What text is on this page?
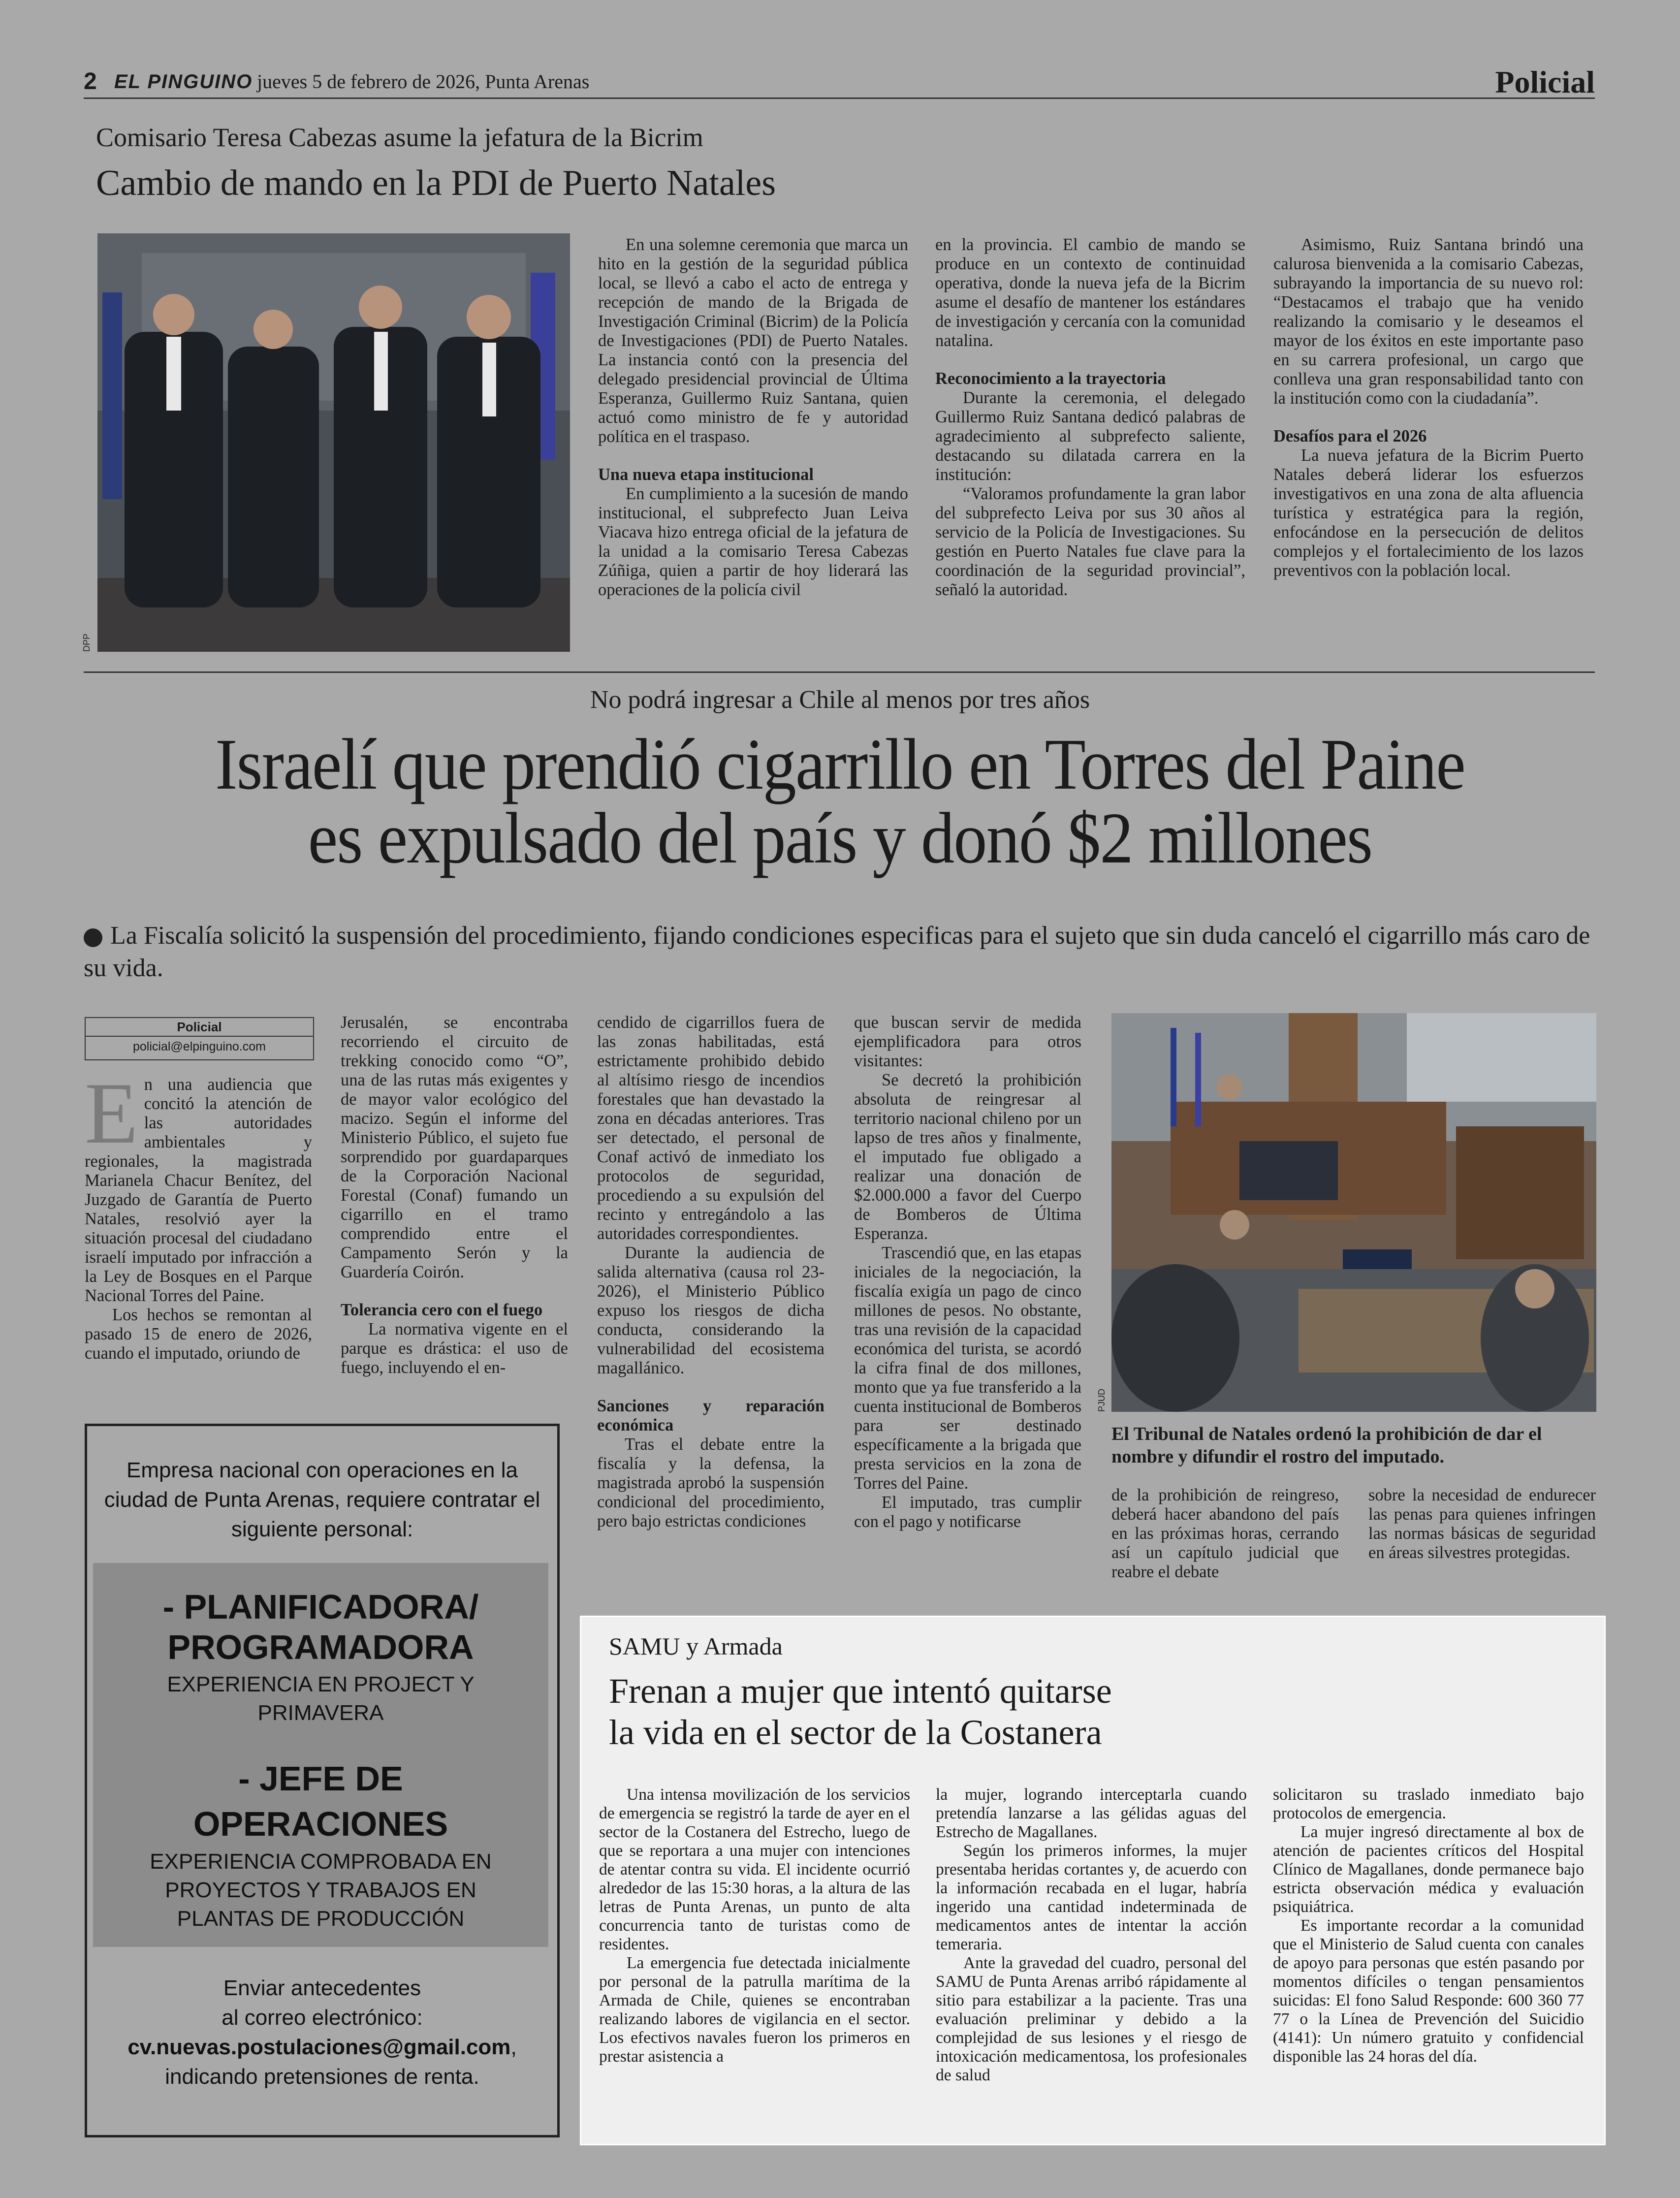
2 EL PINGUINO jueves 5 de febrero de 2026, Punta Arenas	Policial
Comisario Teresa Cabezas asume la jefatura de la Bicrim
Cambio de mando en la PDI de Puerto Natales
DPP

En una solemne ceremonia que marca un hito en la gestión de la seguridad pública local, se llevó a cabo el acto de entrega y recepción de mando de la Brigada de Investigación Criminal (Bicrim) de la Policía de Investigaciones (PDI) de Puerto Natales. La instancia contó con la presencia del delegado presidencial provincial de Última Esperanza, Guillermo Ruiz Santana, quien actuó como ministro de fe y autoridad política en el traspaso.

Una nueva etapa institucional

En cumplimiento a la sucesión de mando institucional, el subprefecto Juan Leiva Viacava hizo entrega oficial de la jefatura de la unidad a la comisario Teresa Cabezas Zúñiga, quien a partir de hoy liderará las operaciones de la policía civil

en la provincia. El cambio de mando se produce en un contexto de continuidad operativa, donde la nueva jefa de la Bicrim asume el desafío de mantener los estándares de investigación y cercanía con la comunidad natalina.

Reconocimiento a la trayectoria

Durante la ceremonia, el delegado Guillermo Ruiz Santana dedicó palabras de agradecimiento al subprefecto saliente, destacando su dilatada carrera en la institución:

“Valoramos profundamente la gran labor del subprefecto Leiva por sus 30 años al servicio de la Policía de Investigaciones. Su gestión en Puerto Natales fue clave para la coordinación de la seguridad provincial”, señaló la autoridad.

Asimismo, Ruiz Santana brindó una calurosa bienvenida a la comisario Cabezas, subrayando la importancia de su nuevo rol: “Destacamos el trabajo que ha venido realizando la comisario y le deseamos el mayor de los éxitos en este importante paso en su carrera profesional, un cargo que conlleva una gran responsabilidad tanto con la institución como con la ciudadanía”.

Desafíos para el 2026

La nueva jefatura de la Bicrim Puerto Natales deberá liderar los esfuerzos investigativos en una zona de alta afluencia turística y estratégica para la región, enfocándose en la persecución de delitos complejos y el fortalecimiento de los lazos preventivos con la población local.

No podrá ingresar a Chile al menos por tres años
Israelí que prendió cigarrillo en Torres del Paine
es expulsado del país y donó $2 millones
La Fiscalía solicitó la suspensión del procedimiento, fijando condiciones especificas para el sujeto que sin duda canceló el cigarrillo más caro de su vida.
Policial
policial@elpinguino.com
E n una audiencia que concitó la atención de las autoridades ambientales y regionales, la magistrada Marianela Chacur Benítez, del Juzgado de Garantía de Puerto Natales, resolvió ayer la situación procesal del ciudadano israelí imputado por infracción a la Ley de Bosques en el Parque Nacional Torres del Paine.

Los hechos se remontan al pasado 15 de enero de 2026, cuando el imputado, oriundo de

Jerusalén, se encontraba recorriendo el circuito de trekking conocido como “O”, una de las rutas más exigentes y de mayor valor ecológico del macizo. Según el informe del Ministerio Público, el sujeto fue sorprendido por guardaparques de la Corporación Nacional Forestal (Conaf) fumando un cigarrillo en el tramo comprendido entre el Campamento Serón y la Guardería Coirón.

Tolerancia cero con el fuego

La normativa vigente en el parque es drástica: el uso de fuego, incluyendo el en-

cendido de cigarrillos fuera de las zonas habilitadas, está estrictamente prohibido debido al altísimo riesgo de incendios forestales que han devastado la zona en décadas anteriores. Tras ser detectado, el personal de Conaf activó de inmediato los protocolos de seguridad, procediendo a su expulsión del recinto y entregándolo a las autoridades correspondientes.

Durante la audiencia de salida alternativa (causa rol 23-2026), el Ministerio Público expuso los riesgos de dicha conducta, considerando la vulnerabilidad del ecosistema magallánico.

Sanciones y reparación económica

Tras el debate entre la fiscalía y la defensa, la magistrada aprobó la suspensión condicional del procedimiento, pero bajo estrictas condiciones

que buscan servir de medida ejemplificadora para otros visitantes:

Se decretó la prohibición absoluta de reingresar al territorio nacional chileno por un lapso de tres años y finalmente, el imputado fue obligado a realizar una donación de $2.000.000 a favor del Cuerpo de Bomberos de Última Esperanza.

Trascendió que, en las etapas iniciales de la negociación, la fiscalía exigía un pago de cinco millones de pesos. No obstante, tras una revisión de la capacidad económica del turista, se acordó la cifra final de dos millones, monto que ya fue transferido a la cuenta institucional de Bomberos para ser destinado específicamente a la brigada que presta servicios en la zona de Torres del Paine.

El imputado, tras cumplir con el pago y notificarse

PJUD
El Tribunal de Natales ordenó la prohibición de dar el nombre y difundir el rostro del imputado.

de la prohibición de reingreso, deberá hacer abandono del país en las próximas horas, cerrando así un capítulo judicial que reabre el debate

sobre la necesidad de endurecer las penas para quienes infringen las normas básicas de seguridad en áreas silvestres protegidas.

Empresa nacional con operaciones en la ciudad de Punta Arenas, requiere contratar el siguiente personal:
- PLANIFICADORA/
PROGRAMADORA
EXPERIENCIA EN PROJECT Y PRIMAVERA
- JEFE DE
OPERACIONES
EXPERIENCIA COMPROBADA EN PROYECTOS Y TRABAJOS EN PLANTAS DE PRODUCCIÓN
Enviar antecedentes
al correo electrónico:
cv.nuevas.postulaciones@gmail.com,
indicando pretensiones de renta.
SAMU y Armada
Frenan a mujer que intentó quitarse
la vida en el sector de la Costanera

Una intensa movilización de los servicios de emergencia se registró la tarde de ayer en el sector de la Costanera del Estrecho, luego de que se reportara a una mujer con intenciones de atentar contra su vida. El incidente ocurrió alrededor de las 15:30 horas, a la altura de las letras de Punta Arenas, un punto de alta concurrencia tanto de turistas como de residentes.

La emergencia fue detectada inicialmente por personal de la patrulla marítima de la Armada de Chile, quienes se encontraban realizando labores de vigilancia en el sector. Los efectivos navales fueron los primeros en prestar asistencia a

la mujer, logrando interceptarla cuando pretendía lanzarse a las gélidas aguas del Estrecho de Magallanes.

Según los primeros informes, la mujer presentaba heridas cortantes y, de acuerdo con la información recabada en el lugar, habría ingerido una cantidad indeterminada de medicamentos antes de intentar la acción temeraria.

Ante la gravedad del cuadro, personal del SAMU de Punta Arenas arribó rápidamente al sitio para estabilizar a la paciente. Tras una evaluación preliminar y debido a la complejidad de sus lesiones y el riesgo de intoxicación medicamentosa, los profesionales de salud

solicitaron su traslado inmediato bajo protocolos de emergencia.

La mujer ingresó directamente al box de atención de pacientes críticos del Hospital Clínico de Magallanes, donde permanece bajo estricta observación médica y evaluación psiquiátrica.

Es importante recordar a la comunidad que el Ministerio de Salud cuenta con canales de apoyo para personas que estén pasando por momentos difíciles o tengan pensamientos suicidas: El fono Salud Responde: 600 360 77 77 o la Línea de Prevención del Suicidio (4141): Un número gratuito y confidencial disponible las 24 horas del día.
